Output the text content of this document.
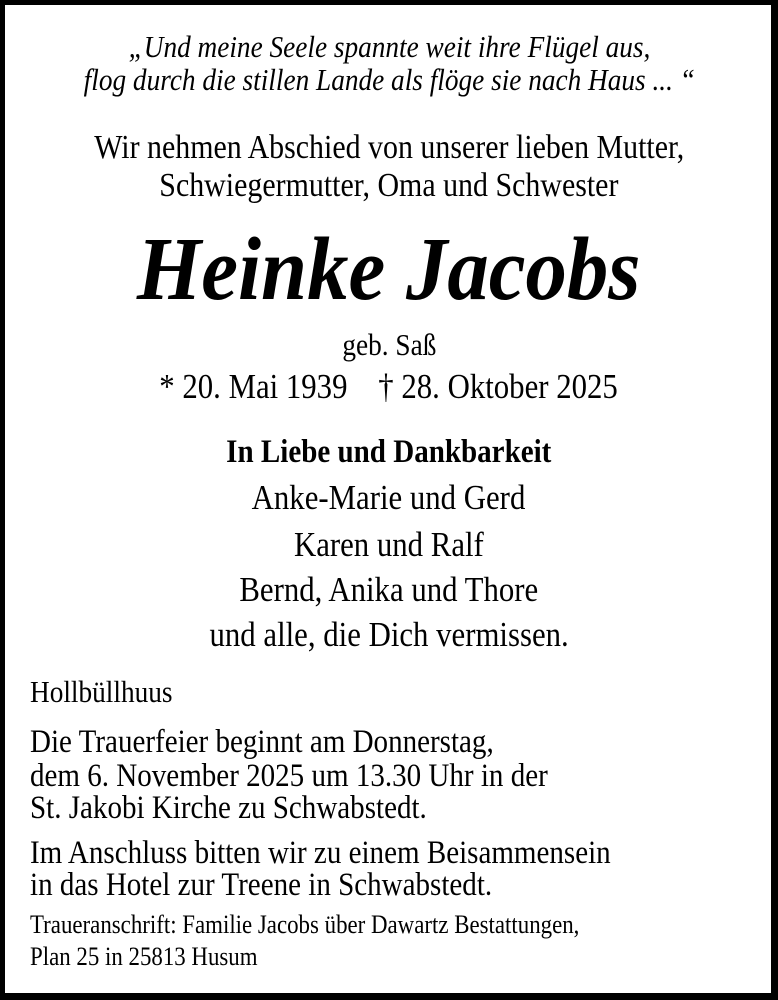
„Und meine Seele spannte weit ihre Flügel aus,
flog durch die stillen Lande als flöge sie nach Haus ... “
Wir nehmen Abschied von unserer lieben Mutter,
Schwiegermutter, Oma und Schwester
Heinke Jacobs
geb. Saß
* 20. Mai 1939    † 28. Oktober 2025
In Liebe und Dankbarkeit
Anke-Marie und Gerd
Karen und Ralf
Bernd, Anika und Thore
und alle, die Dich vermissen.
Hollbüllhuus
Die Trauerfeier beginnt am Donnerstag,
dem 6. November 2025 um 13.30 Uhr in der
St. Jakobi Kirche zu Schwabstedt.
Im Anschluss bitten wir zu einem Beisammensein
in das Hotel zur Treene in Schwabstedt.
Traueranschrift: Familie Jacobs über Dawartz Bestattungen,
Plan 25 in 25813 Husum
